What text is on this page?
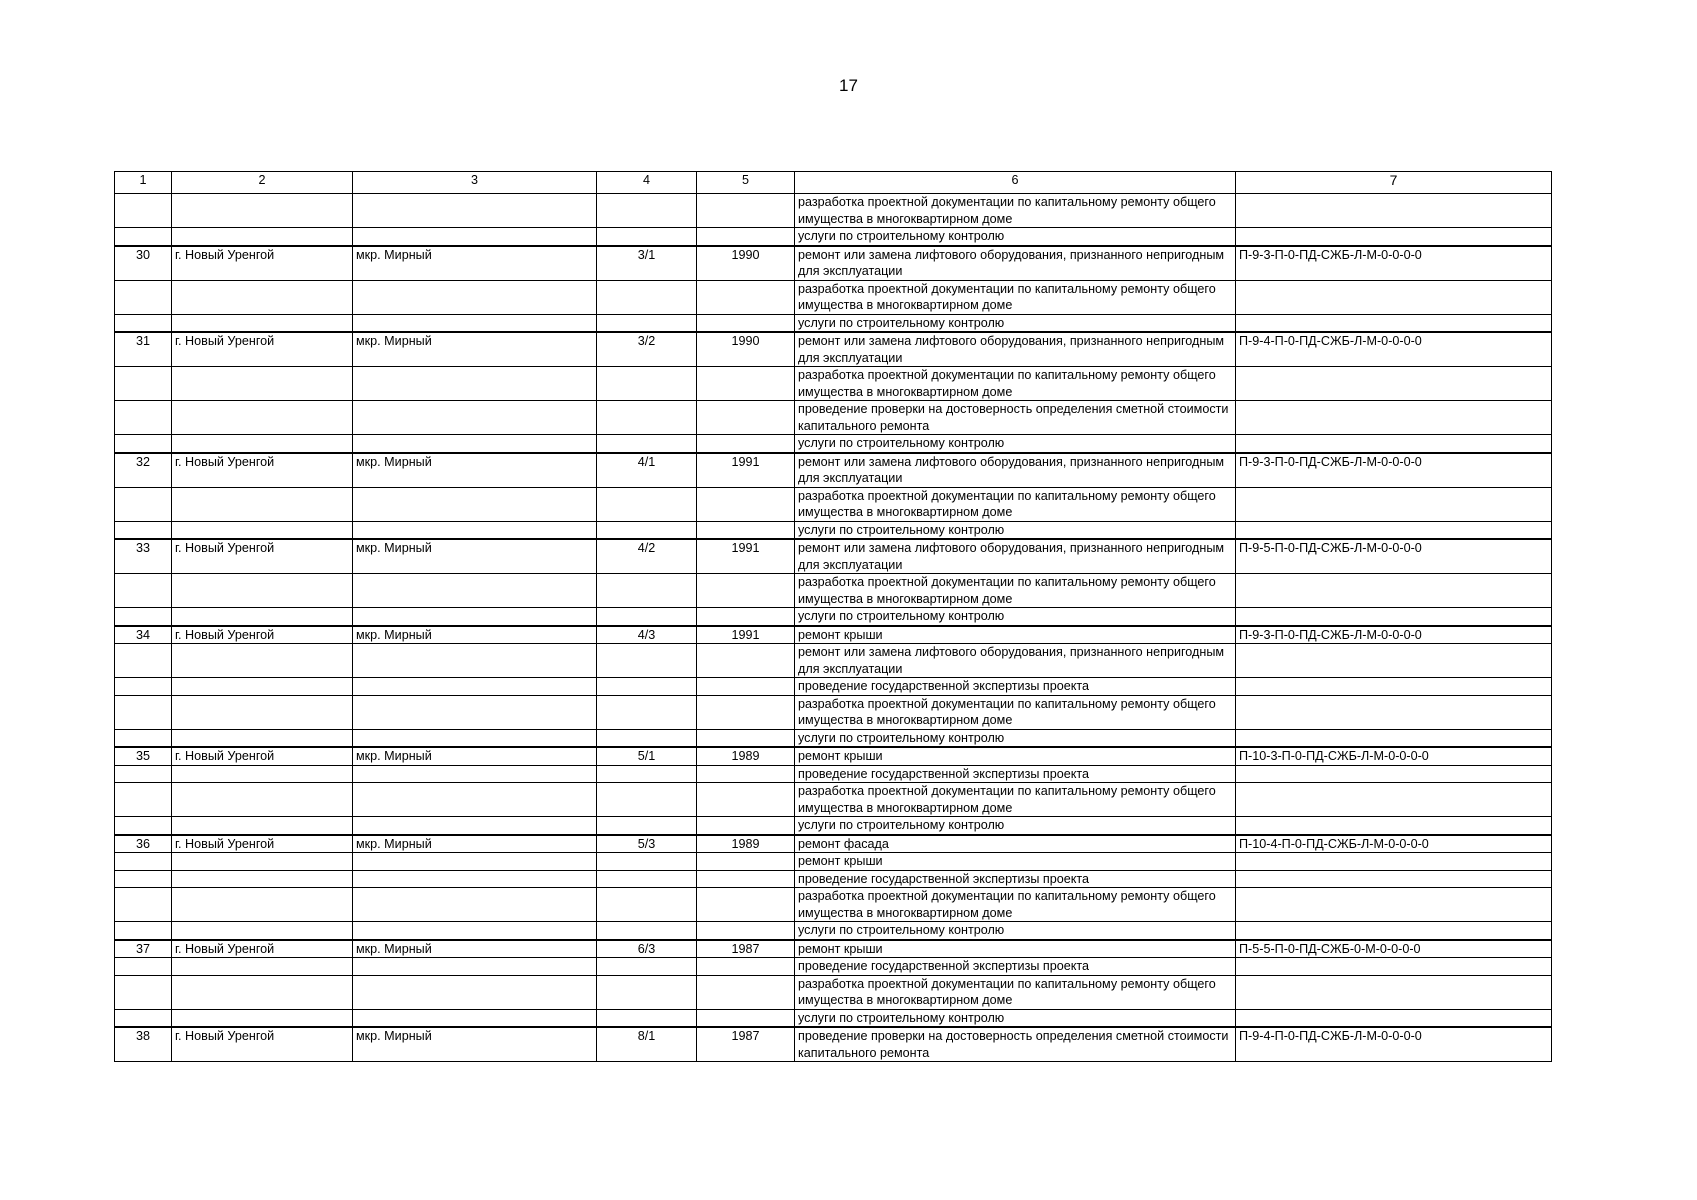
17
1	2	3	4	5	6	7
					разработка проектной документации по капитальному ремонту общего имущества в многоквартирном доме	
					услуги по строительному контролю	
30	г. Новый Уренгой	мкр. Мирный	3/1	1990	ремонт или замена лифтового оборудования, признанного непригодным для эксплуатации	П-9-3-П-0-ПД-СЖБ-Л-М-0-0-0-0
					разработка проектной документации по капитальному ремонту общего имущества в многоквартирном доме	
					услуги по строительному контролю	
31	г. Новый Уренгой	мкр. Мирный	3/2	1990	ремонт или замена лифтового оборудования, признанного непригодным для эксплуатации	П-9-4-П-0-ПД-СЖБ-Л-М-0-0-0-0
					разработка проектной документации по капитальному ремонту общего имущества в многоквартирном доме	
					проведение проверки на достоверность определения сметной стоимости капитального ремонта	
					услуги по строительному контролю	
32	г. Новый Уренгой	мкр. Мирный	4/1	1991	ремонт или замена лифтового оборудования, признанного непригодным для эксплуатации	П-9-3-П-0-ПД-СЖБ-Л-М-0-0-0-0
					разработка проектной документации по капитальному ремонту общего имущества в многоквартирном доме	
					услуги по строительному контролю	
33	г. Новый Уренгой	мкр. Мирный	4/2	1991	ремонт или замена лифтового оборудования, признанного непригодным для эксплуатации	П-9-5-П-0-ПД-СЖБ-Л-М-0-0-0-0
					разработка проектной документации по капитальному ремонту общего имущества в многоквартирном доме	
					услуги по строительному контролю	
34	г. Новый Уренгой	мкр. Мирный	4/3	1991	ремонт крыши	П-9-3-П-0-ПД-СЖБ-Л-М-0-0-0-0
					ремонт или замена лифтового оборудования, признанного непригодным для эксплуатации	
					проведение государственной экспертизы проекта	
					разработка проектной документации по капитальному ремонту общего имущества в многоквартирном доме	
					услуги по строительному контролю	
35	г. Новый Уренгой	мкр. Мирный	5/1	1989	ремонт крыши	П-10-3-П-0-ПД-СЖБ-Л-М-0-0-0-0
					проведение государственной экспертизы проекта	
					разработка проектной документации по капитальному ремонту общего имущества в многоквартирном доме	
					услуги по строительному контролю	
36	г. Новый Уренгой	мкр. Мирный	5/3	1989	ремонт фасада	П-10-4-П-0-ПД-СЖБ-Л-М-0-0-0-0
					ремонт крыши	
					проведение государственной экспертизы проекта	
					разработка проектной документации по капитальному ремонту общего имущества в многоквартирном доме	
					услуги по строительному контролю	
37	г. Новый Уренгой	мкр. Мирный	6/3	1987	ремонт крыши	П-5-5-П-0-ПД-СЖБ-0-М-0-0-0-0
					проведение государственной экспертизы проекта	
					разработка проектной документации по капитальному ремонту общего имущества в многоквартирном доме	
					услуги по строительному контролю	
38	г. Новый Уренгой	мкр. Мирный	8/1	1987	проведение проверки на достоверность определения сметной стоимости капитального ремонта	П-9-4-П-0-ПД-СЖБ-Л-М-0-0-0-0
